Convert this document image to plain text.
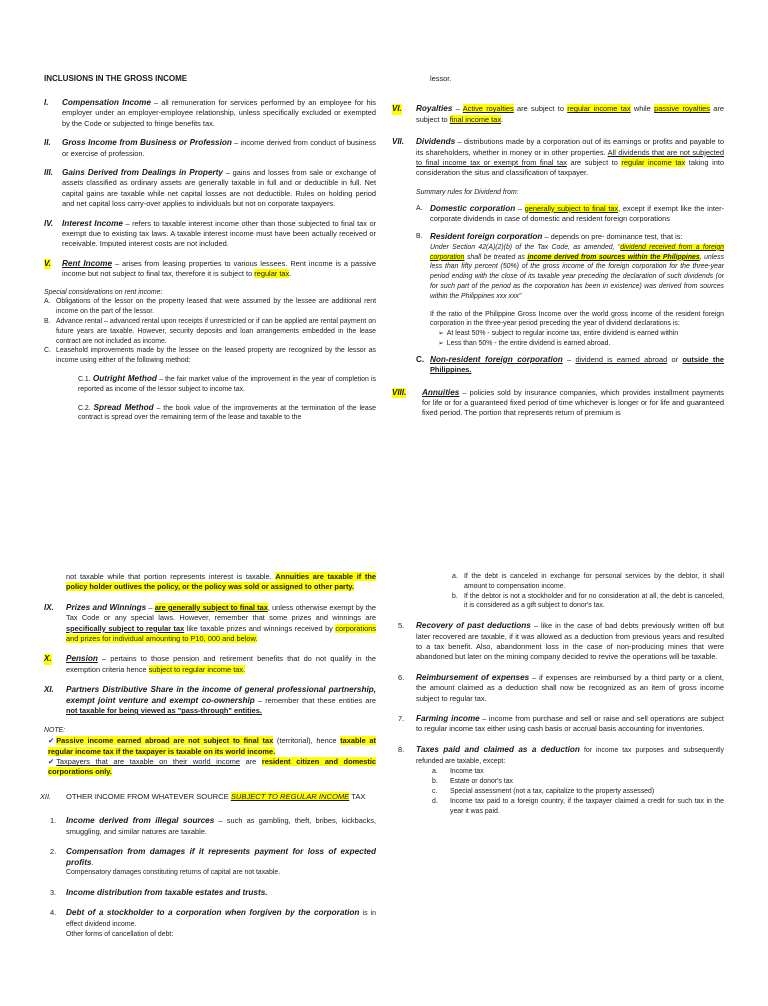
INCLUSIONS IN THE GROSS INCOME
I. Compensation Income – all remuneration for services performed by an employee for his employer under an employer-employee relationship, unless specifically excluded or exempted by the Code or subjected to fringe benefits tax.
II. Gross Income from Business or Profession – income derived from conduct of business or exercise of profession.
III. Gains Derived from Dealings in Property – gains and losses from sale or exchange of assets classified as ordinary assets are generally taxable in full and or deductible in full. Net capital gains are taxable while net capital losses are not deductible. Rules on holding period and net capital loss carry-over applies to individuals but not on corporate taxpayers.
IV. Interest Income – refers to taxable interest income other than those subjected to final tax or exempt due to existing tax laws. A taxable interest income must have been actually received or receivable. Imputed interest costs are not included.
V. Rent Income – arises from leasing properties to various lessees. Rent income is a passive income but not subject to final tax, therefore it is subject to regular tax.
Special considerations on rent income:
A. Obligations of the lessor on the property leased that were assumed by the lessee are additional rent income on the part of the lessor.
B. Advance rental – advanced rental upon receipts if unrestricted or if can be applied are rental payment on future years are taxable. However, security deposits and loan arrangements embedded in the lease contract are not included as income.
C. Leasehold improvements made by the lessee on the leased property are recognized by the lessor as income using either of the following method:
C.1. Outright Method – the fair market value of the improvement in the year of completion is reported as income of the lessor subject to income tax.
C.2. Spread Method – the book value of the improvements at the termination of the lease contract is spread over the remaining term of the lease and taxable to the
lessor.
VI. Royalties – Active royalties are subject to regular income tax while passive royalties are subject to final income tax.
VII. Dividends – distributions made by a corporation out of its earnings or profits and payable to its shareholders, whether in money or in other properties. All dividends that are not subjected to final income tax or exempt from final tax are subject to regular income tax taking into consideration the situs and classification of taxpayer.
Summary rules for Dividend from:
A. Domestic corporation – generally subject to final tax, except if exempt like the inter- corporate dividends in case of domestic and resident foreign corporations
B. Resident foreign corporation – depends on pre- dominance test, that is:
Under Section 42(A)(2)(b) of the Tax Code, as amended, "dividend received from a foreign corporation shall be treated as income derived from sources within the Philippines, unless less than fifty percent (50%) of the gross income of the foreign corporation for the three-year period ending with the close of its taxable year preceding the declaration of such dividends (or for such part of the period as the corporation has been in existence) was derived from sources within the Philippines xxx xxx"
If the ratio of the Philippine Gross Income over the world gross income of the resident foreign corporation in the three-year period preceding the year of dividend declarations is:
➢ At least 50% - subject to regular income tax, entire dividend is earned within
➢ Less than 50% - the entire dividend is earned abroad.
C. Non-resident foreign corporation – dividend is earned abroad or outside the Philippines.
VIII. Annuities – policies sold by insurance companies, which provides installment payments for life or for a guaranteed fixed period of time whichever is longer or for life and guaranteed fixed period. The portion that represents return of premium is
not taxable while that portion represents interest is taxable. Annuities are taxable if the policy holder outlives the policy, or the policy was sold or assigned to other party.
IX. Prizes and Winnings – are generally subject to final tax, unless otherwise exempt by the Tax Code or any special laws. However, remember that some prizes and winnings are specifically subject to regular tax like taxable prizes and winnings received by corporations and prizes for individual amounting to P10, 000 and below.
X. Pension – pertains to those pension and retirement benefits that do not qualify in the exemption criteria hence subject to regular income tax.
XI. Partners Distributive Share in the income of general professional partnership, exempt joint venture and exempt co-ownership – remember that these entities are not taxable for being viewed as "pass-through" entities.
NOTE:
✔ Passive income earned abroad are not subject to final tax (territorial), hence taxable at regular income tax if the taxpayer is taxable on its world income.
✔ Taxpayers that are taxable on their world income are resident citizen and domestic corporations only.
XII. OTHER INCOME FROM WHATEVER SOURCE SUBJECT TO REGULAR INCOME TAX
1. Income derived from illegal sources – such as gambling, theft, bribes, kickbacks, smuggling, and similar natures are taxable.
2. Compensation from damages if it represents payment for loss of expected profits.
Compensatory damages constituting returns of capital are not taxable.
3. Income distribution from taxable estates and trusts.
4. Debt of a stockholder to a corporation when forgiven by the corporation is in effect dividend income.
Other forms of cancellation of debt:
a. If the debt is canceled in exchange for personal services by the debtor, it shall amount to compensation income.
b. If the debtor is not a stockholder and for no consideration at all, the debt is canceled, it is considered as a gift subject to donor's tax.
5. Recovery of past deductions – like in the case of bad debts previously written off but later recovered are taxable, if it was allowed as a deduction from previous years and resulted to a tax benefit. Also, abandonment loss in the case of non-producing mines that were abandoned but later on the mining company decided to revive the operations will be taxable.
6. Reimbursement of expenses – if expenses are reimbursed by a third party or a client, the amount claimed as a deduction shall now be recognized as an item of gross income subject to regular tax.
7. Farming income – income from purchase and sell or raise and sell operations are subject to regular income tax either using cash basis or accrual basis accounting for inventories.
8. Taxes paid and claimed as a deduction for income tax purposes and subsequently refunded are taxable, except:
a. Income tax
b. Estate or donor's tax
c. Special assessment (not a tax, capitalize to the property assessed)
d. Income tax paid to a foreign country, if the taxpayer claimed a credit for such tax in the year it was paid.
